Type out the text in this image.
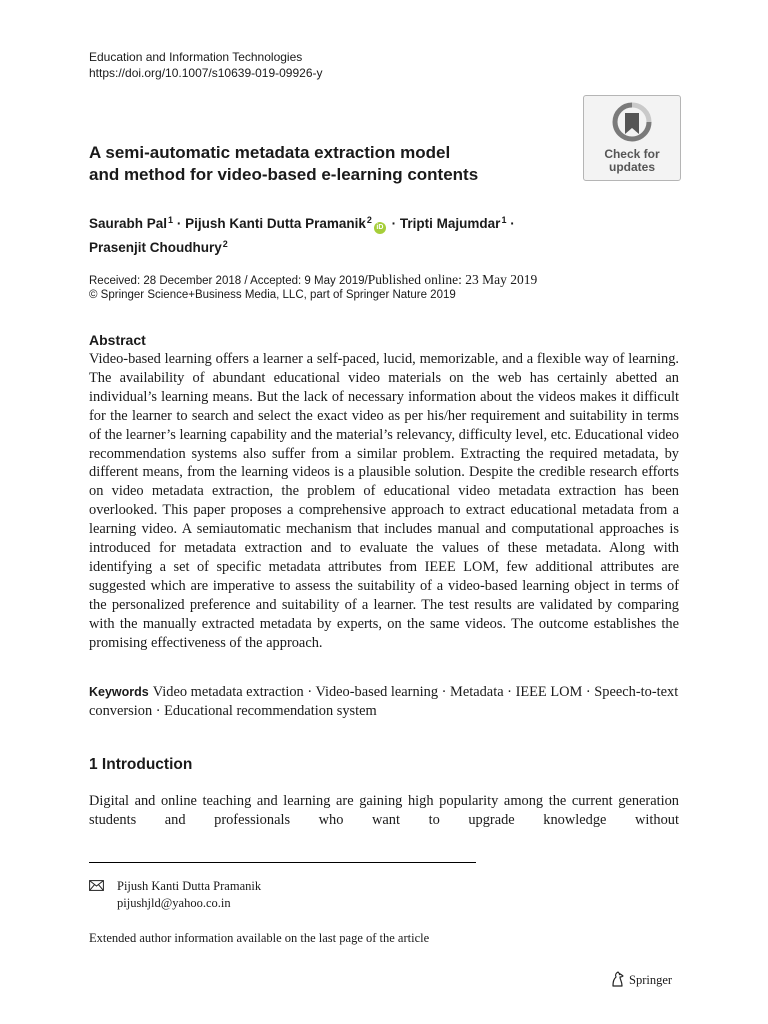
Education and Information Technologies
https://doi.org/10.1007/s10639-019-09926-y
Check for
updates
A semi-automatic metadata extraction model
and method for video-based e-learning contents
Saurabh Pal$^1$ · Pijush Kanti Dutta Pramanik$^2$iD · Tripti Majumdar$^1$ ·
Prasenjit Choudhury$^2$
Received: 28 December 2018 / Accepted: 9 May 2019/Published online: 23 May 2019
© Springer Science+Business Media, LLC, part of Springer Nature 2019
Abstract

Video-based learning offers a learner a self-paced, lucid, memorizable, and a flexible way of learning. The availability of abundant educational video materials on the web has certainly abetted an individual’s learning means. But the lack of necessary information about the videos makes it difficult for the learner to search and select the exact video as per his/her requirement and suitability in terms of the learner’s learning capability and the material’s relevancy, difficulty level, etc. Educational video recommendation systems also suffer from a similar problem. Extracting the required metadata, by different means, from the learning videos is a plausible solution. Despite the credible research efforts on video metadata extraction, the problem of educational video metadata extraction has been overlooked. This paper proposes a comprehensive approach to extract educational metadata from a learning video. A semiautomatic mechanism that includes manual and computational approaches is introduced for metadata extraction and to evaluate the values of these metadata. Along with identifying a set of specific metadata attributes from IEEE LOM, few additional attributes are suggested which are imperative to assess the suitability of a video-based learning object in terms of the personalized preference and suitability of a learner. The test results are validated by comparing with the manually extracted metadata by experts, on the same videos. The outcome establishes the promising effectiveness of the approach.

Keywords Video metadata extraction · Video-based learning · Metadata · IEEE LOM · Speech-to-text conversion · Educational recommendation system
1 Introduction

Digital and online teaching and learning are gaining high popularity among the current generation students and professionals who want to upgrade knowledge without

Pijush Kanti Dutta Pramanik
pijushjld@yahoo.co.in
Extended author information available on the last page of the article
Springer
